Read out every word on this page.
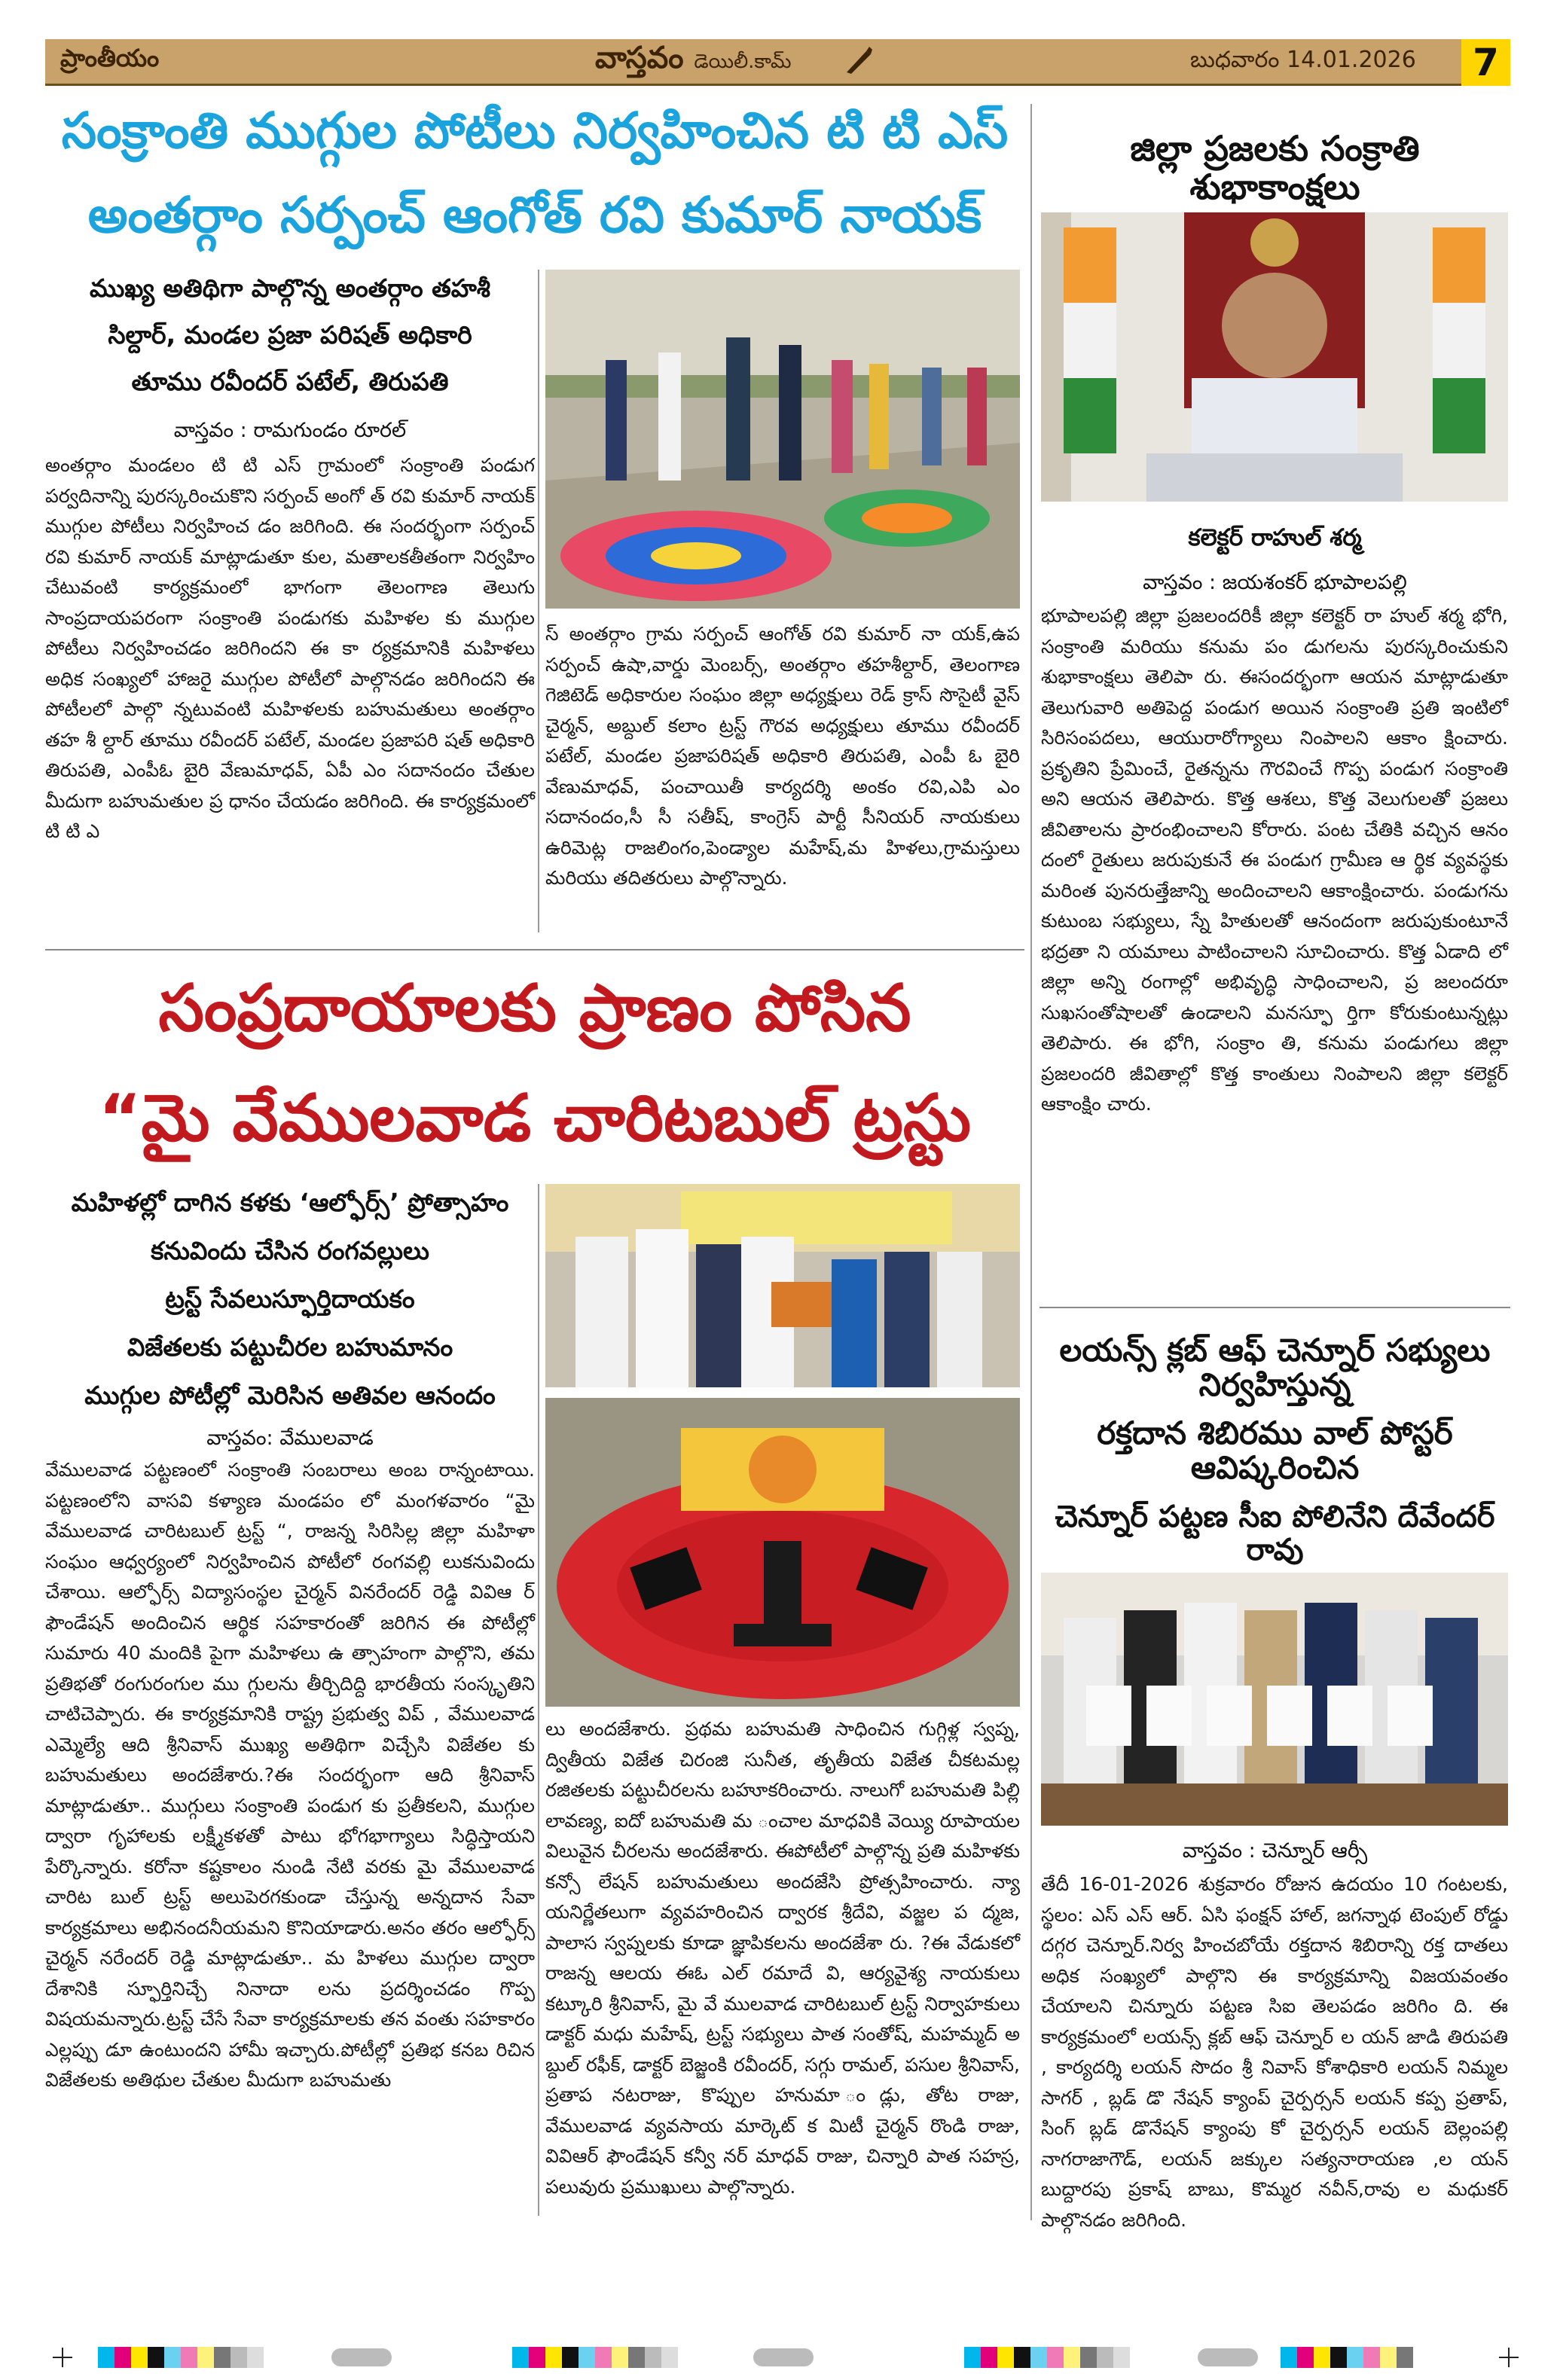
ప్రాంతీయం	వాస్తవం డెయిలీ.కామ్	బుధవారం 14.01.2026	7
సంక్రాంతి ముగ్గుల పోటీలు నిర్వహించిన టి టి ఎస్
అంతర్గాం సర్పంచ్ ఆంగోత్ రవి కుమార్ నాయక్
ముఖ్య అతిథిగా పాల్గొన్న అంతర్గాం తహశీ
సిల్దార్, మండల ప్రజా పరిషత్ అధికారి
తూము రవీందర్ పటేల్, తిరుపతి
వాస్తవం : రామగుండం రూరల్
అంతర్గాం మండలం టి టి ఎస్ గ్రామంలో సంక్రాంతి పండుగ పర్వదినాన్ని పురస్కరించుకొని సర్పంచ్ అంగో త్ రవి కుమార్ నాయక్ ముగ్గుల పోటీలు నిర్వహించ డం జరిగింది. ఈ సందర్భంగా సర్పంచ్ రవి కుమార్ నాయక్ మాట్లాడుతూ కుల, మతాలకతీతంగా నిర్వహిం చేటువంటి కార్యక్రమంలో భాగంగా తెలంగాణ తెలుగు సాంప్రదాయపరంగా సంక్రాంతి పండుగకు మహిళల కు ముగ్గుల పోటీలు నిర్వహించడం జరిగిందని ఈ కా ర్యక్రమానికి మహిళలు అధిక సంఖ్యలో హాజరై ముగ్గుల పోటీలో పాల్గొనడం జరిగిందని ఈ పోటీలలో పాల్గొ న్నటువంటి మహిళలకు బహుమతులు అంతర్గాం తహ శీ ల్దార్ తూము రవీందర్ పటేల్, మండల ప్రజాపరి షత్ అధికారి తిరుపతి, ఎంపీఓ బైరి వేణుమాధవ్, ఏపీ ఎం సదానందం చేతుల మీదుగా బహుమతుల ప్ర ధానం చేయడం జరిగింది. ఈ కార్యక్రమంలో టి టి ఎ
స్ అంతర్గాం గ్రామ సర్పంచ్ ఆంగోత్ రవి కుమార్ నా యక్,ఉప సర్పంచ్ ఉషా,వార్డు మెంబర్స్, అంతర్గాం తహశీల్దార్, తెలంగాణ గెజిటెడ్ అధికారుల సంఘం జిల్లా అధ్యక్షులు రెడ్ క్రాస్ సొసైటీ వైస్ చైర్మన్, అబ్దుల్ కలాం ట్రస్ట్ గౌరవ అధ్యక్షులు తూము రవీందర్ పటేల్, మండల ప్రజాపరిషత్ అధికారి తిరుపతి, ఎంపీ ఓ బైరి వేణుమాధవ్, పంచాయితీ కార్యదర్శి అంకం రవి,ఎపి ఎం సదానందం,సీ సీ సతీష్, కాంగ్రెస్ పార్టీ సీనియర్ నాయకులు ఉరిమెట్ల రాజలింగం,పెండ్యాల మహేష్,మ హిళలు,గ్రామస్తులు మరియు తదితరులు పాల్గొన్నారు.
సంప్రదాయాలకు ప్రాణం పోసిన
“మై వేములవాడ చారిటబుల్ ట్రస్టు
మహిళల్లో దాగిన కళకు ‘ఆల్ఫోర్స్’ ప్రోత్సాహం
కనువిందు చేసిన రంగవల్లులు
ట్రస్ట్ సేవలుస్ఫూర్తిదాయకం
విజేతలకు పట్టుచీరల బహుమానం
ముగ్గుల పోటీల్లో మెరిసిన అతివల ఆనందం
వాస్తవం: వేములవాడ
వేములవాడ పట్టణంలో సంక్రాంతి సంబరాలు అంబ రాన్నంటాయి. పట్టణంలోని వాసవి కళ్యాణ మండపం లో మంగళవారం “మై వేములవాడ చారిటబుల్ ట్రస్ట్ “, రాజన్న సిరిసిల్ల జిల్లా మహిళా సంఘం ఆధ్వర్యంలో నిర్వహించిన పోటీలో రంగవల్లి లుకనువిందు చేశాయి. ఆల్ఫోర్స్ విద్యాసంస్థల చైర్మన్ వినరేందర్ రెడ్డి వివిఆ ర్ ఫౌండేషన్ అందించిన ఆర్థిక సహకారంతో జరిగిన ఈ పోటీల్లో సుమారు 40 మందికి పైగా మహిళలు ఉ త్సాహంగా పాల్గొని, తమ ప్రతిభతో రంగురంగుల ము గ్గులను తీర్చిదిద్ది భారతీయ సంస్కృతిని చాటిచెప్పారు. ఈ కార్యక్రమానికి రాష్ట్ర ప్రభుత్వ విప్ , వేములవాడ ఎమ్మెల్యే ఆది శ్రీనివాస్ ముఖ్య అతిథిగా విచ్చేసి విజేతల కు బహుమతులు అందజేశారు.?ఈ సందర్భంగా ఆది శ్రీనివాస్ మాట్లాడుతూ.. ముగ్గులు సంక్రాంతి పండుగ కు ప్రతీకలని, ముగ్గుల ద్వారా గృహాలకు లక్ష్మీకళతో పాటు భోగభాగ్యాలు సిద్ధిస్తాయని పేర్కొన్నారు. కరోనా కష్టకాలం నుండి నేటి వరకు మై వేములవాడ చారిట బుల్ ట్రస్ట్ అలుపెరగకుండా చేస్తున్న అన్నదాన సేవా కార్యక్రమాలు అభినందనీయమని కొనియాడారు.అనం తరం ఆల్ఫోర్స్ చైర్మన్ నరేందర్ రెడ్డి మాట్లాడుతూ.. మ హిళలు ముగ్గుల ద్వారా దేశానికి స్ఫూర్తినిచ్చే నినాదా లను ప్రదర్శించడం గొప్ప విషయమన్నారు.ట్రస్ట్ చేసే సేవా కార్యక్రమాలకు తన వంతు సహకారం ఎల్లప్పు డూ ఉంటుందని హామీ ఇచ్చారు.పోటీల్లో ప్రతిభ కనబ రిచిన విజేతలకు అతిథుల చేతుల మీదుగా బహుమతు
లు అందజేశారు. ప్రథమ బహుమతి సాధించిన గుగ్గిళ్ల స్వప్న, ద్వితీయ విజేత చిరంజి సునీత, తృతీయ విజేత చీకటమల్ల రజితలకు పట్టుచీరలను బహూకరించారు. నాలుగో బహుమతి పిల్లి లావణ్య, ఐదో బహుమతి మ ంచాల మాధవికి వెయ్యి రూపాయల విలువైన చీరలను అందజేశారు. ఈపోటీలో పాల్గొన్న ప్రతి మహిళకు కన్సో లేషన్ బహుమతులు అందజేసి ప్రోత్సహించారు. న్యా యనిర్ణేతలుగా వ్యవహరించిన ద్వారక శ్రీదేవి, వజ్జల ప ద్మజ, పాలాస స్వప్నలకు కూడా జ్ఞాపికలను అందజేశా రు. ?ఈ వేడుకలో రాజన్న ఆలయ ఈఓ ఎల్ రమాదే వి, ఆర్యవైశ్య నాయకులు కట్కూరి శ్రీనివాస్, మై వే ములవాడ చారిటబుల్ ట్రస్ట్ నిర్వాహకులు డాక్టర్ మధు మహేష్, ట్రస్ట్ సభ్యులు పాత సంతోష్, మహమ్మద్ అ బ్దుల్ రఫీక్, డాక్టర్ బెజ్జంకి రవీందర్, సగ్గు రామల్, పసుల శ్రీనివాస్, ప్రతాప నటరాజు, కొప్పుల హనుమా ండ్లు, తోట రాజు, వేములవాడ వ్యవసాయ మార్కెట్ క మిటీ చైర్మన్ రొండి రాజు, వివిఆర్ ఫౌండేషన్ కన్వీ నర్ మాధవ్ రాజు, చిన్నారి పాత సహస్ర, పలువురు ప్రముఖులు పాల్గొన్నారు.
జిల్లా ప్రజలకు సంక్రాతి శుభాకాంక్షలు
కలెక్టర్ రాహుల్ శర్మ
వాస్తవం : జయశంకర్ భూపాలపల్లి
భూపాలపల్లి జిల్లా ప్రజలందరికీ జిల్లా కలెక్టర్ రా హుల్ శర్మ భోగి, సంక్రాంతి మరియు కనుమ పం డుగలను పురస్కరించుకుని శుభాకాంక్షలు తెలిపా రు. ఈసందర్భంగా ఆయన మాట్లాడుతూ తెలుగువారి అతిపెద్ద పండుగ అయిన సంక్రాంతి ప్రతి ఇంటిలో సిరిసంపదలు, ఆయురారోగ్యాలు నింపాలని ఆకాం క్షించారు. ప్రకృతిని ప్రేమించే, రైతన్నను గౌరవించే గొప్ప పండుగ సంక్రాంతి అని ఆయన తెలిపారు. కొత్త ఆశలు, కొత్త వెలుగులతో ప్రజలు జీవితాలను ప్రారంభించాలని కోరారు. పంట చేతికి వచ్చిన ఆనం దంలో రైతులు జరుపుకునే ఈ పండుగ గ్రామీణ ఆ ర్థిక వ్యవస్థకు మరింత పునరుత్తేజాన్ని అందించాలని ఆకాంక్షించారు. పండుగను కుటుంబ సభ్యులు, స్నే హితులతో ఆనందంగా జరుపుకుంటూనే భద్రతా ని యమాలు పాటించాలని సూచించారు. కొత్త ఏడాది లో జిల్లా అన్ని రంగాల్లో అభివృద్ధి సాధించాలని, ప్ర జలందరూ సుఖసంతోషాలతో ఉండాలని మనస్ఫూ ర్తిగా కోరుకుంటున్నట్లు తెలిపారు. ఈ భోగి, సంక్రాం తి, కనుమ పండుగలు జిల్లా ప్రజలందరి జీవితాల్లో కొత్త కాంతులు నింపాలని జిల్లా కలెక్టర్ ఆకాంక్షిం చారు.
లయన్స్ క్లబ్ ఆఫ్ చెన్నూర్ సభ్యులు నిర్వహిస్తున్న
రక్తదాన శిబిరము వాల్ పోస్టర్ ఆవిష్కరించిన
చెన్నూర్ పట్టణ సీఐ పోలినేని దేవేందర్ రావు
వాస్తవం : చెన్నూర్ ఆర్సీ
తేదీ 16-01-2026 శుక్రవారం రోజున ఉదయం 10 గంటలకు, స్థలం: ఎస్ ఎస్ ఆర్. ఏసి ఫంక్షన్ హాల్, జగన్నాథ టెంపుల్ రోడ్డు దగ్గర చెన్నూర్.నిర్వ హించబోయే రక్తదాన శిబిరాన్ని రక్త దాతలు అధిక సంఖ్యలో పాల్గొని ఈ కార్యక్రమాన్ని విజయవంతం చేయాలని చిన్నూరు పట్టణ సిఐ తెలపడం జరిగిం ది. ఈ కార్యక్రమంలో లయన్స్ క్లబ్ ఆఫ్ చెన్నూర్ ల యన్ జాడి తిరుపతి , కార్యదర్శి లయన్ సొదం శ్రీ నివాస్ కోశాధికారి లయన్ నిమ్మల సాగర్ , బ్లడ్ డొ నేషన్ క్యాంప్ చైర్పర్సన్ లయన్ కప్ప ప్రతాప్, సింగ్ బ్లడ్ డొనేషన్ క్యాంపు కో చైర్పర్సన్ లయన్ బెల్లంపల్లి నాగరాజాగౌడ్, లయన్ జక్కుల సత్యనారాయణ ,ల యన్ బుద్దారపు ప్రకాష్ బాబు, కొమ్మర నవీన్,రావు ల మధుకర్ పాల్గొనడం జరిగింది.
